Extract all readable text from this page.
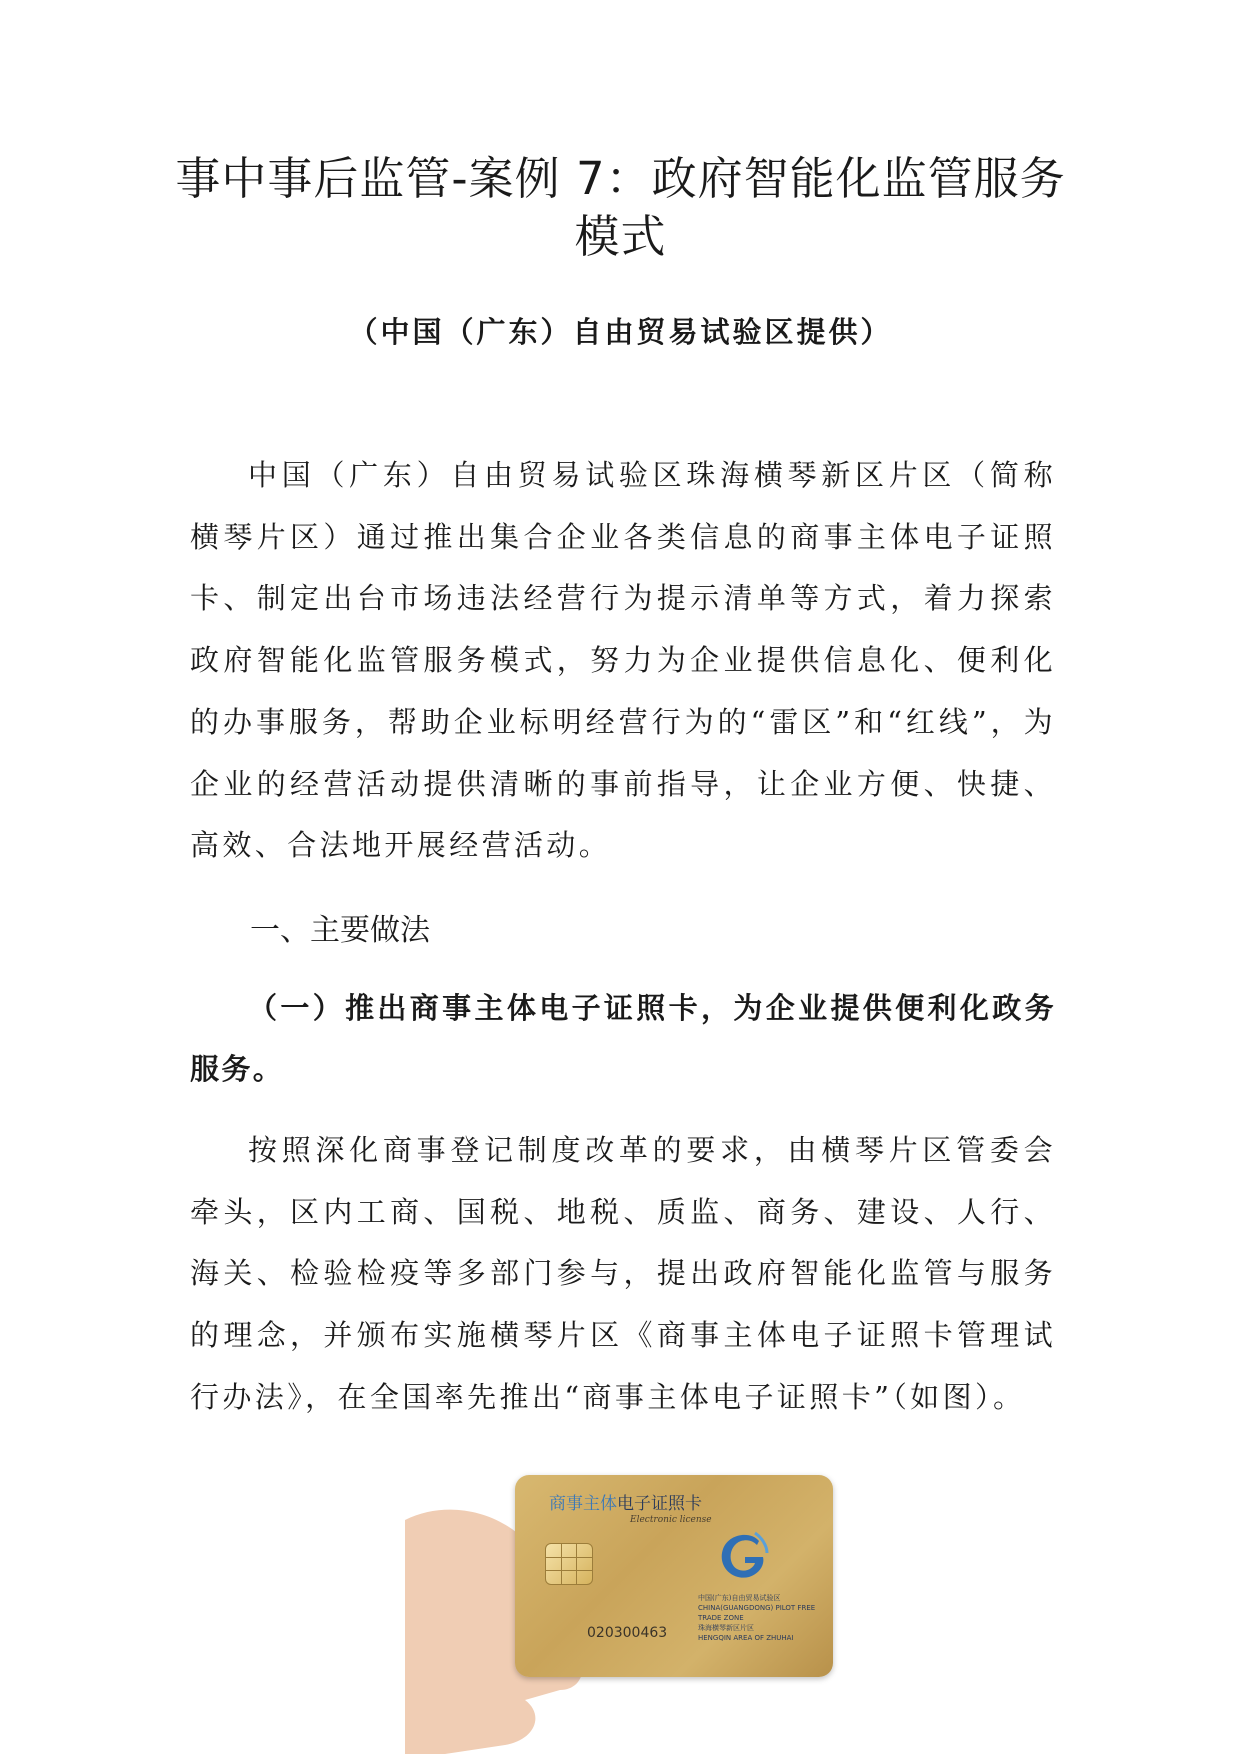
事中事后监管-案例 7：政府智能化监管服务模式

（中国（广东）自由贸易试验区提供）

中国（广东）自由贸易试验区珠海横琴新区片区（简称横琴片区）通过推出集合企业各类信息的商事主体电子证照卡、制定出台市场违法经营行为提示清单等方式，着力探索政府智能化监管服务模式，努力为企业提供信息化、便利化的办事服务，帮助企业标明经营行为的“雷区”和“红线”，为企业的经营活动提供清晰的事前指导，让企业方便、快捷、高效、合法地开展经营活动。

一、主要做法

（一）推出商事主体电子证照卡，为企业提供便利化政务服务。

按照深化商事登记制度改革的要求，由横琴片区管委会牵头，区内工商、国税、地税、质监、商务、建设、人行、海关、检验检疫等多部门参与，提出政府智能化监管与服务的理念，并颁布实施横琴片区《商事主体电子证照卡管理试行办法》，在全国率先推出“商事主体电子证照卡”（如图）。

商事主体电子证照卡
Electronic license
中国(广东)自由贸易试验区
CHINA(GUANGDONG) PILOT FREE TRADE ZONE
珠海横琴新区片区
HENGQIN AREA OF ZHUHAI
020300463
